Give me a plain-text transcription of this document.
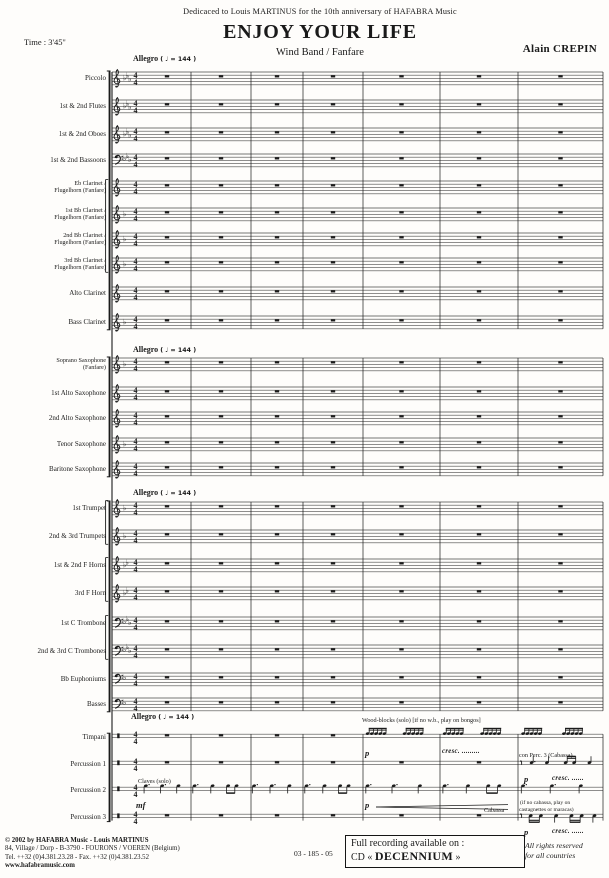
Dedicaced to Louis MARTINUS for the 10th anniversary of HAFABRA Music
ENJOY YOUR LIFE
Wind Band / Fanfare
Time : 3'45''
Alain CREPIN
♭ ♭ ♭ 4
4
♭ ♭ ♭ 4
4
♭ ♭ ♭ 4
4
♭ ♭ ♭ 4
4
4
4
♭ 4
4
♭ 4
4
♭ 4
4
4
4
♭ 4
4
♭ 4
4
4
4
4
4
♭ 4
4
4
4
♭ 4
4
♭ 4
4
♭ ♭ 4
4
♭ ♭ 4
4
♭ ♭ ♭ 4
4
♭ ♭ ♭ 4
4
♭ 4
4
♭ 4
4
4
4
4
4
4
4
4
4
Piccolo
1st & 2nd Flutes
1st & 2nd Oboes
1st & 2nd Bassoons
Eb Clarinet /
Flugelhorn (Fanfare)
1st Bb Clarinet /
Flugelhorn (Fanfare)
2nd Bb Clarinet /
Flugelhorn (Fanfare)
3rd Bb Clarinet /
Flugelhorn (Fanfare)
Alto Clarinet
Bass Clarinet
Soprano Saxophone
(Fanfare)
1st Alto Saxophone
2nd Alto Saxophone
Tenor Saxophone
Baritone Saxophone
1st Trumpet
2nd & 3rd Trumpets
1st & 2nd F Horns
3rd F Horn
1st C Trombone
2nd & 3rd C Trombones
Bb Euphoniums
Basses
Timpani
Percussion 1
Percussion 2
Percussion 3
Allegro ( ♩ = 144 )
Allegro ( ♩ = 144 )
Allegro ( ♩ = 144 )
Allegro ( ♩ = 144 )	Wood-blocks (solo) [if no w.b., play on bongos]
p	cresc. .........
con Perc. 3 (Cabassa)
p	cresc. ......
Claves (solo)
mf	p
Cabassa
(if no cabassa, play on
castagnettes or maracas)
p	cresc. ......
© 2002 by HAFABRA Music - Louis MARTINUS
84, Village / Dorp - B-3790 - FOURONS / VOEREN (Belgium)
Tel. ++32 (0)4.381.23.28 - Fax. ++32 (0)4.381.23.52
www.hafabramusic.com
03 - 185 - 05
Full recording available on :
CD « DECENNIUM »
All rights reserved
for all countries
